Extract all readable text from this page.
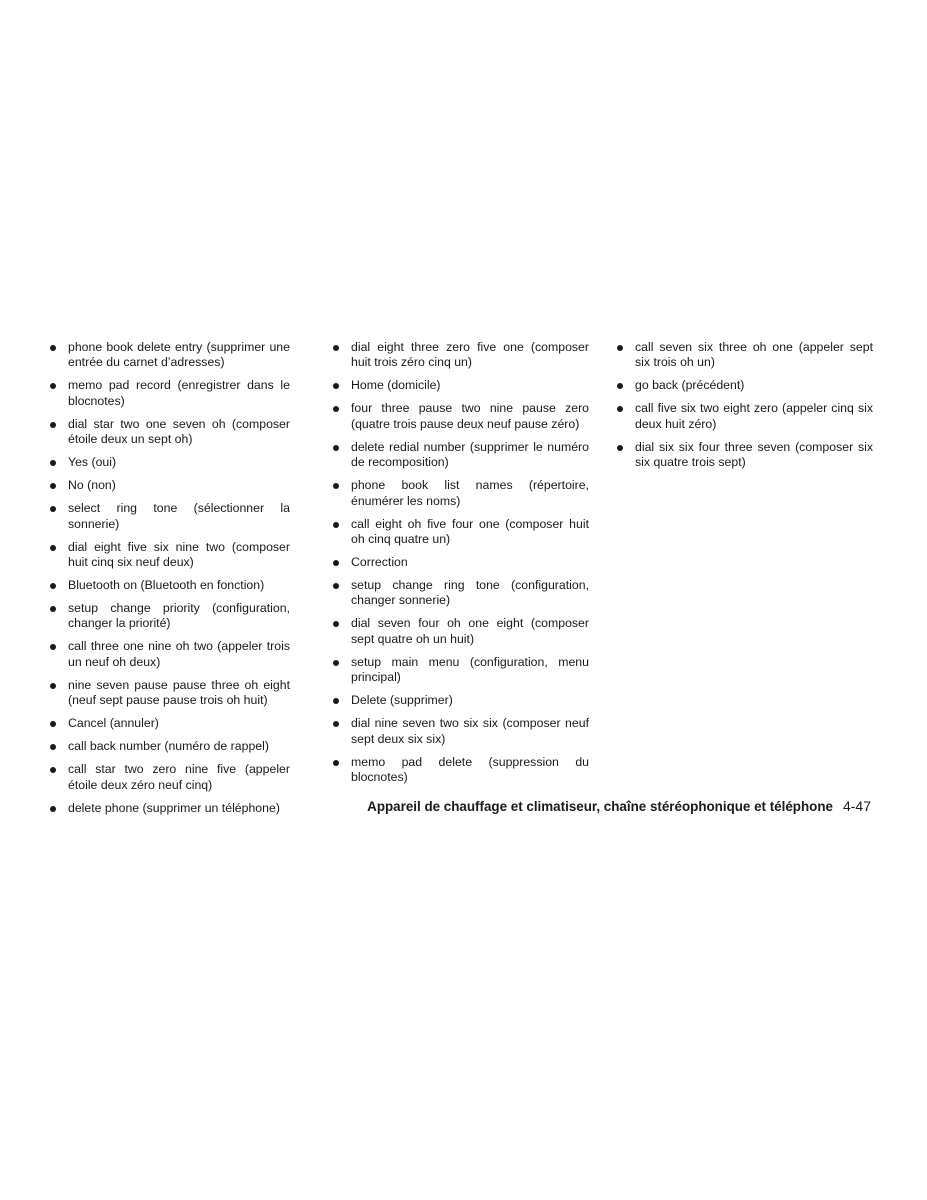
phone book delete entry (supprimer une entrée du carnet d’adresses)
memo pad record (enregistrer dans le blocnotes)
dial star two one seven oh (composer étoile deux un sept oh)
Yes (oui)
No (non)
select ring tone (sélectionner la sonnerie)
dial eight five six nine two (composer huit cinq six neuf deux)
Bluetooth on (Bluetooth en fonction)
setup change priority (configuration, changer la priorité)
call three one nine oh two (appeler trois un neuf oh deux)
nine seven pause pause three oh eight (neuf sept pause pause trois oh huit)
Cancel (annuler)
call back number (numéro de rappel)
call star two zero nine five (appeler étoile deux zéro neuf cinq)
delete phone (supprimer un téléphone)
dial eight three zero five one (composer huit trois zéro cinq un)
Home (domicile)
four three pause two nine pause zero (quatre trois pause deux neuf pause zéro)
delete redial number (supprimer le numéro de recomposition)
phone book list names (répertoire, énumérer les noms)
call eight oh five four one (composer huit oh cinq quatre un)
Correction
setup change ring tone (configuration, changer sonnerie)
dial seven four oh one eight (composer sept quatre oh un huit)
setup main menu (configuration, menu principal)
Delete (supprimer)
dial nine seven two six six (composer neuf sept deux six six)
memo pad delete (suppression du blocnotes)
call seven six three oh one (appeler sept six trois oh un)
go back (précédent)
call five six two eight zero (appeler cinq six deux huit zéro)
dial six six four three seven (composer six six quatre trois sept)
Appareil de chauffage et climatiseur, chaîne stéréophonique et téléphone 4-47
